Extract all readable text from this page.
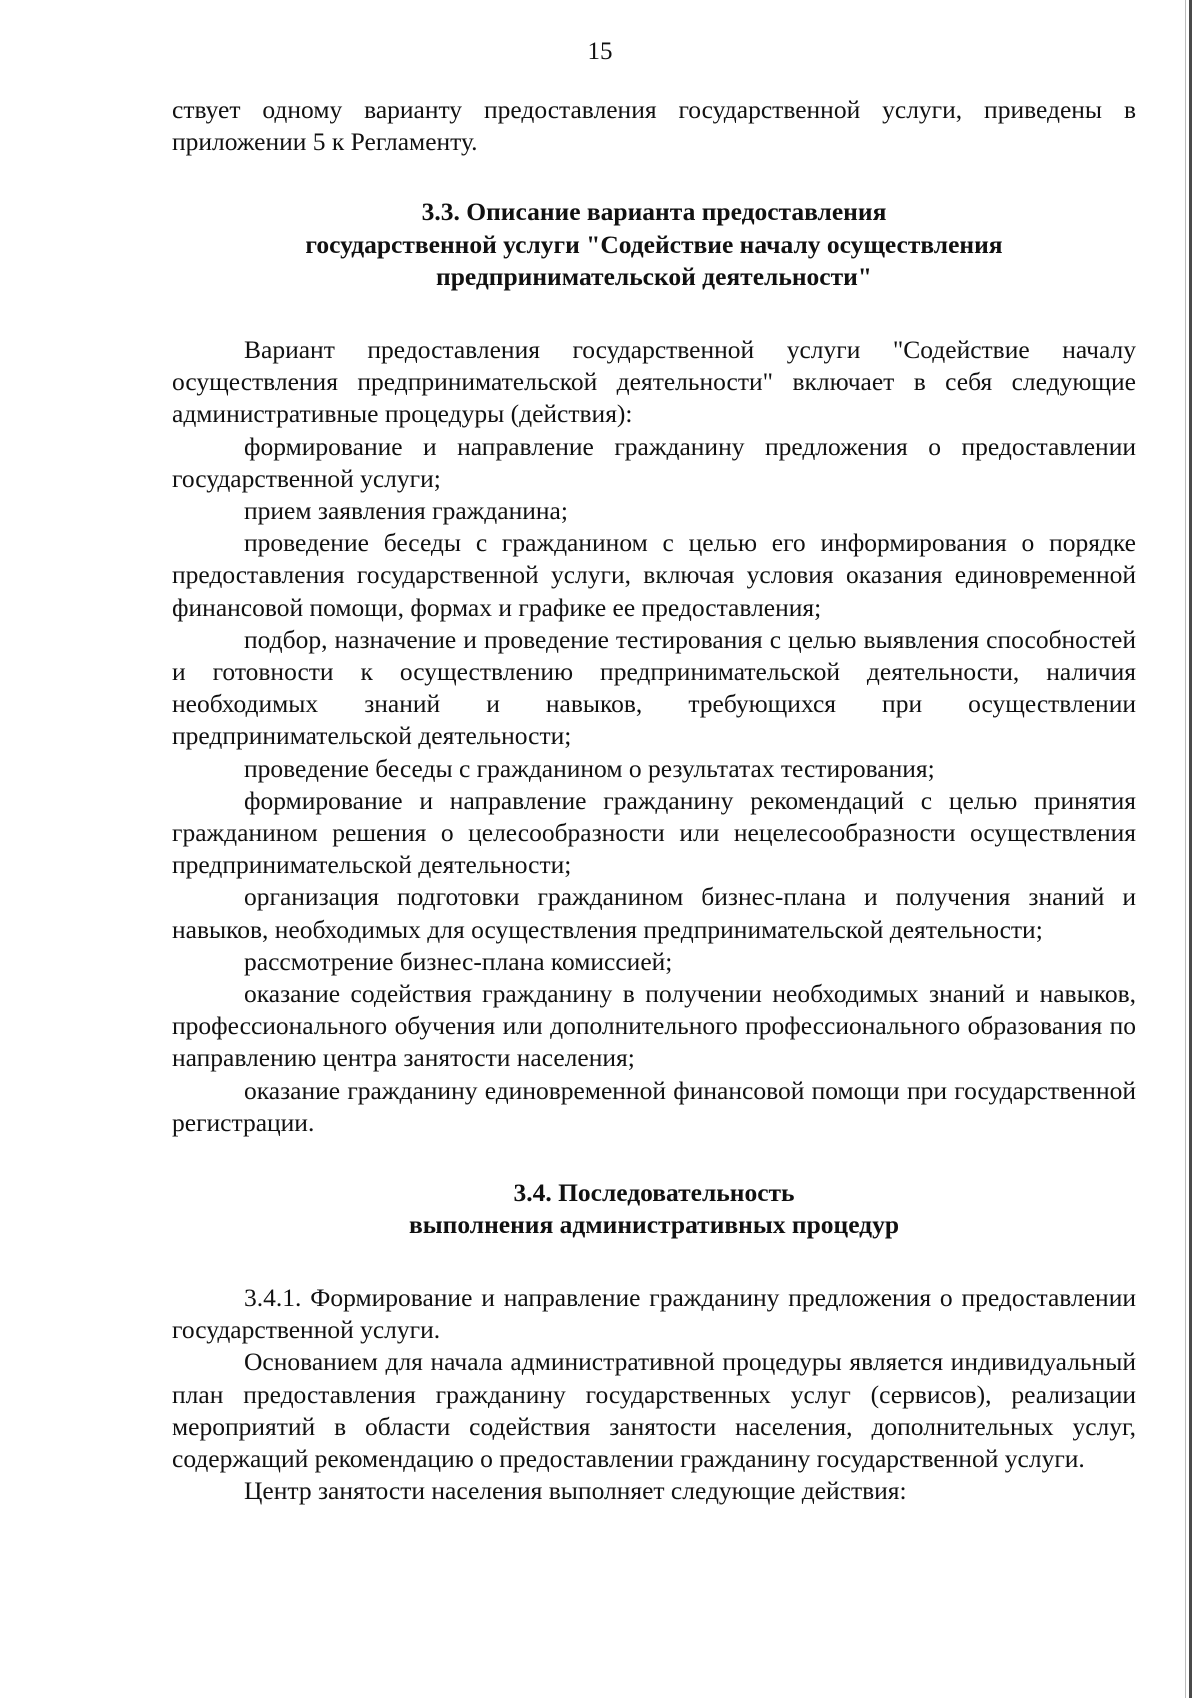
15

ствует одному варианту предоставления государственной услуги, приведены в приложении 5 к Регламенту.

3.3. Описание варианта предоставления
государственной услуги "Содействие началу осуществления
предпринимательской деятельности"

Вариант предоставления государственной услуги "Содействие началу осуществления предпринимательской деятельности" включает в себя следующие административные процедуры (действия):

формирование и направление гражданину предложения о предоставлении государственной услуги;

прием заявления гражданина;

проведение беседы с гражданином с целью его информирования о порядке предоставления государственной услуги, включая условия оказания единовременной финансовой помощи, формах и графике ее предоставления;

подбор, назначение и проведение тестирования с целью выявления способностей и готовности к осуществлению предпринимательской деятельности, наличия необходимых знаний и навыков, требующихся при осуществлении предпринимательской деятельности;

проведение беседы с гражданином о результатах тестирования;

формирование и направление гражданину рекомендаций с целью принятия гражданином решения о целесообразности или нецелесообразности осуществления предпринимательской деятельности;

организация подготовки гражданином бизнес-плана и получения знаний и навыков, необходимых для осуществления предпринимательской деятельности;

рассмотрение бизнес-плана комиссией;

оказание содействия гражданину в получении необходимых знаний и навыков, профессионального обучения или дополнительного профессионального образования по направлению центра занятости населения;

оказание гражданину единовременной финансовой помощи при государственной регистрации.

3.4. Последовательность
выполнения административных процедур

3.4.1. Формирование и направление гражданину предложения о предоставлении государственной услуги.

Основанием для начала административной процедуры является индивидуальный план предоставления гражданину государственных услуг (сервисов), реализации мероприятий в области содействия занятости населения, дополнительных услуг, содержащий рекомендацию о предоставлении гражданину государственной услуги.

Центр занятости населения выполняет следующие действия:
